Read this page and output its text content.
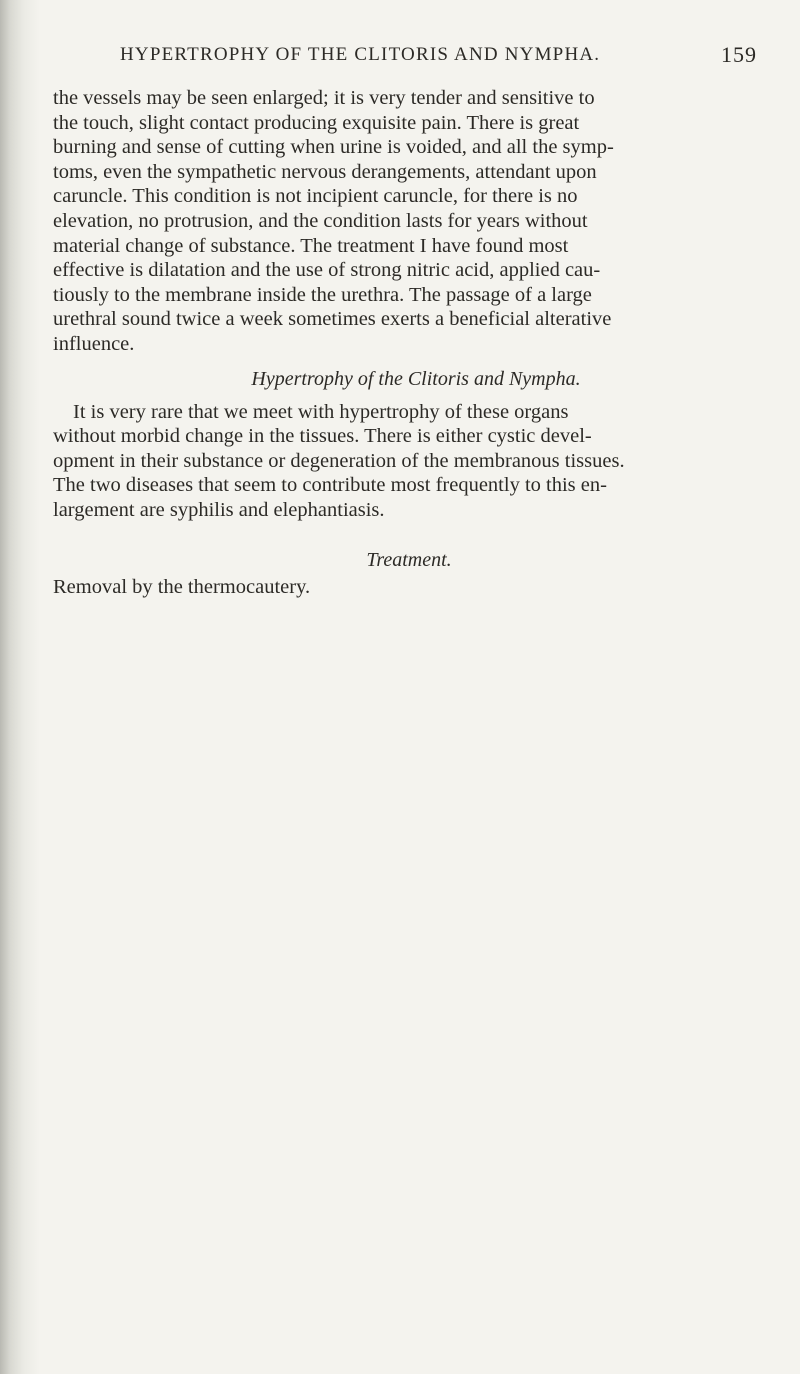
HYPERTROPHY OF THE CLITORIS AND NYMPHA.	159

the vessels may be seen enlarged; it is very tender and sensitive to
the touch, slight contact producing exquisite pain. There is great
burning and sense of cutting when urine is voided, and all the symp-
toms, even the sympathetic nervous derangements, attendant upon
caruncle. This condition is not incipient caruncle, for there is no
elevation, no protrusion, and the condition lasts for years without
material change of substance. The treatment I have found most
effective is dilatation and the use of strong nitric acid, applied cau-
tiously to the membrane inside the urethra. The passage of a large
urethral sound twice a week sometimes exerts a beneficial alterative
influence.

Hypertrophy of the Clitoris and Nympha.

It is very rare that we meet with hypertrophy of these organs
without morbid change in the tissues. There is either cystic devel-
opment in their substance or degeneration of the membranous tissues.
The two diseases that seem to contribute most frequently to this en-
largement are syphilis and elephantiasis.

Treatment.

Removal by the thermocautery.
